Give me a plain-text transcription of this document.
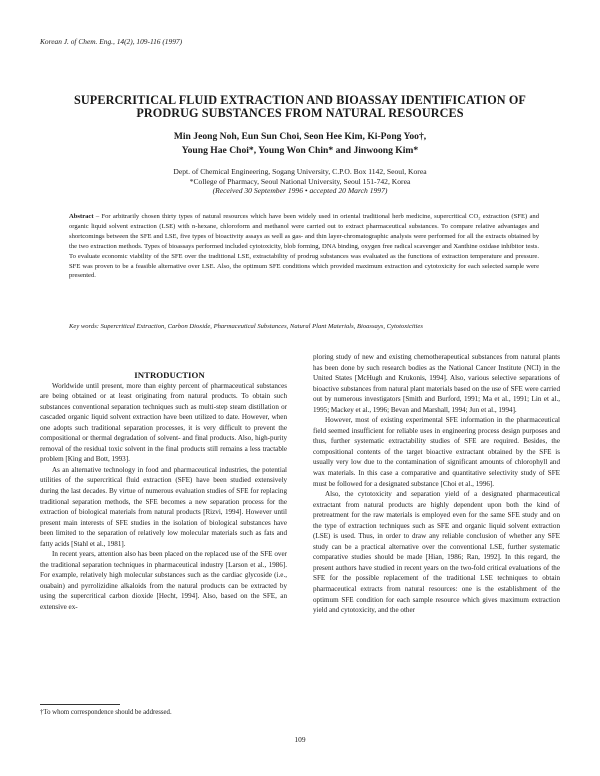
Korean J. of Chem. Eng., 14(2), 109-116 (1997)
SUPERCRITICAL FLUID EXTRACTION AND BIOASSAY IDENTIFICATION OF
PRODRUG SUBSTANCES FROM NATURAL RESOURCES
Min Jeong Noh, Eun Sun Choi, Seon Hee Kim, Ki-Pong Yoo†,
Young Hae Choi*, Young Won Chin* and Jinwoong Kim*
Dept. of Chemical Engineering, Sogang University, C.P.O. Box 1142, Seoul, Korea
*College of Pharmacy, Seoul National University, Seoul 151-742, Korea
(Received 30 September 1996 • accepted 20 March 1997)
Abstract – For arbitrarily chosen thirty types of natural resources which have been widely used in oriental traditional herb medicine, supercritical CO₂ extraction (SFE) and organic liquid solvent extraction (LSE) with n-hexane, chloroform and methanol were carried out to extract pharmaceutical substances. To compare relative advantages and shortcomings between the SFE and LSE, five types of bioactivity assays as well as gas- and thin layer-chromatographic analysis were performed for all the extracts obtained by the two extraction methods. Types of bioassays performed included cytotoxicity, blob forming, DNA binding, oxygen free radical scavenger and Xanthine oxidase inhibitor tests. To evaluate economic viability of the SFE over the traditional LSE, extractability of prodrug substances was evaluated as the functions of extraction temperature and pressure. SFE was proven to be a feasible alternative over LSE. Also, the optimum SFE conditions which provided maximum extraction and cytotoxicity for each selected sample were presented.
Key words: Supercritical Extraction, Carbon Dioxide, Pharmaceutical Substances, Natural Plant Materials, Bioassays, Cytotoxicities

INTRODUCTION

Worldwide until present, more than eighty percent of pharmaceutical substances are being obtained or at least originating from natural products. To obtain such substances conventional separation techniques such as multi-step steam distillation or cascaded organic liquid solvent extraction have been utilized to date. However, when one adopts such traditional separation processes, it is very difficult to prevent the compositional or thermal degradation of solvent- and final products. Also, high-purity removal of the residual toxic solvent in the final products still remains a less tractable problem [King and Bott, 1993].

As an alternative technology in food and pharmaceutical industries, the potential utilities of the supercritical fluid extraction (SFE) have been studied extensively during the last decades. By virtue of numerous evaluation studies of SFE for replacing traditional separation methods, the SFE becomes a new separation process for the extraction of biological materials from natural products [Rizvi, 1994]. However until present main interests of SFE studies in the isolation of biological substances have been limited to the separation of relatively low molecular materials such as fats and fatty acids [Stahl et al., 1981].

In recent years, attention also has been placed on the replaced use of the SFE over the traditional separation techniques in pharmaceutical industry [Larson et al., 1986]. For example, relatively high molecular substances such as the cardiac glycoside (i.e., ouabain) and pyrrolizidine alkaloids from the natural products can be extracted by using the supercritical carbon dioxide [Hecht, 1994]. Also, based on the SFE, an extensive ex-

ploring study of new and existing chemotherapeutical substances from natural plants has been done by such research bodies as the National Cancer Institute (NCI) in the United States [McHugh and Krukonis, 1994]. Also, various selective separations of bioactive substances from natural plant materials based on the use of SFE were carried out by numerous investigators [Smith and Burford, 1991; Ma et al., 1991; Lin et al., 1995; Mackey et al., 1996; Bevan and Marshall, 1994; Jun et al., 1994].

However, most of existing experimental SFE information in the pharmaceutical field seemed insufficient for reliable uses in engineering process design purposes and thus, further systematic extractability studies of SFE are required. Besides, the compositional contents of the target bioactive extractant obtained by the SFE is usually very low due to the contamination of significant amounts of chlorophyll and wax materials. In this case a comparative and quantitative selectivity study of SFE must be followed for a designated substance [Choi et al., 1996].

Also, the cytotoxicity and separation yield of a designated pharmaceutical extractant from natural products are highly dependent upon both the kind of pretreatment for the raw materials is employed even for the same SFE study and on the type of extraction techniques such as SFE and organic liquid solvent extraction (LSE) is used. Thus, in order to draw any reliable conclusion of whether any SFE study can be a practical alternative over the conventional LSE, further systematic comparative studies should be made [Hian, 1986; Ran, 1992]. In this regard, the present authors have studied in recent years on the two-fold critical evaluations of the SFE for the possible replacement of the traditional LSE techniques to obtain pharmaceutical extracts from natural resources: one is the establishment of the optimum SFE condition for each sample resource which gives maximum extraction yield and cytotoxicity, and the other

†To whom correspondence should be addressed.
109
